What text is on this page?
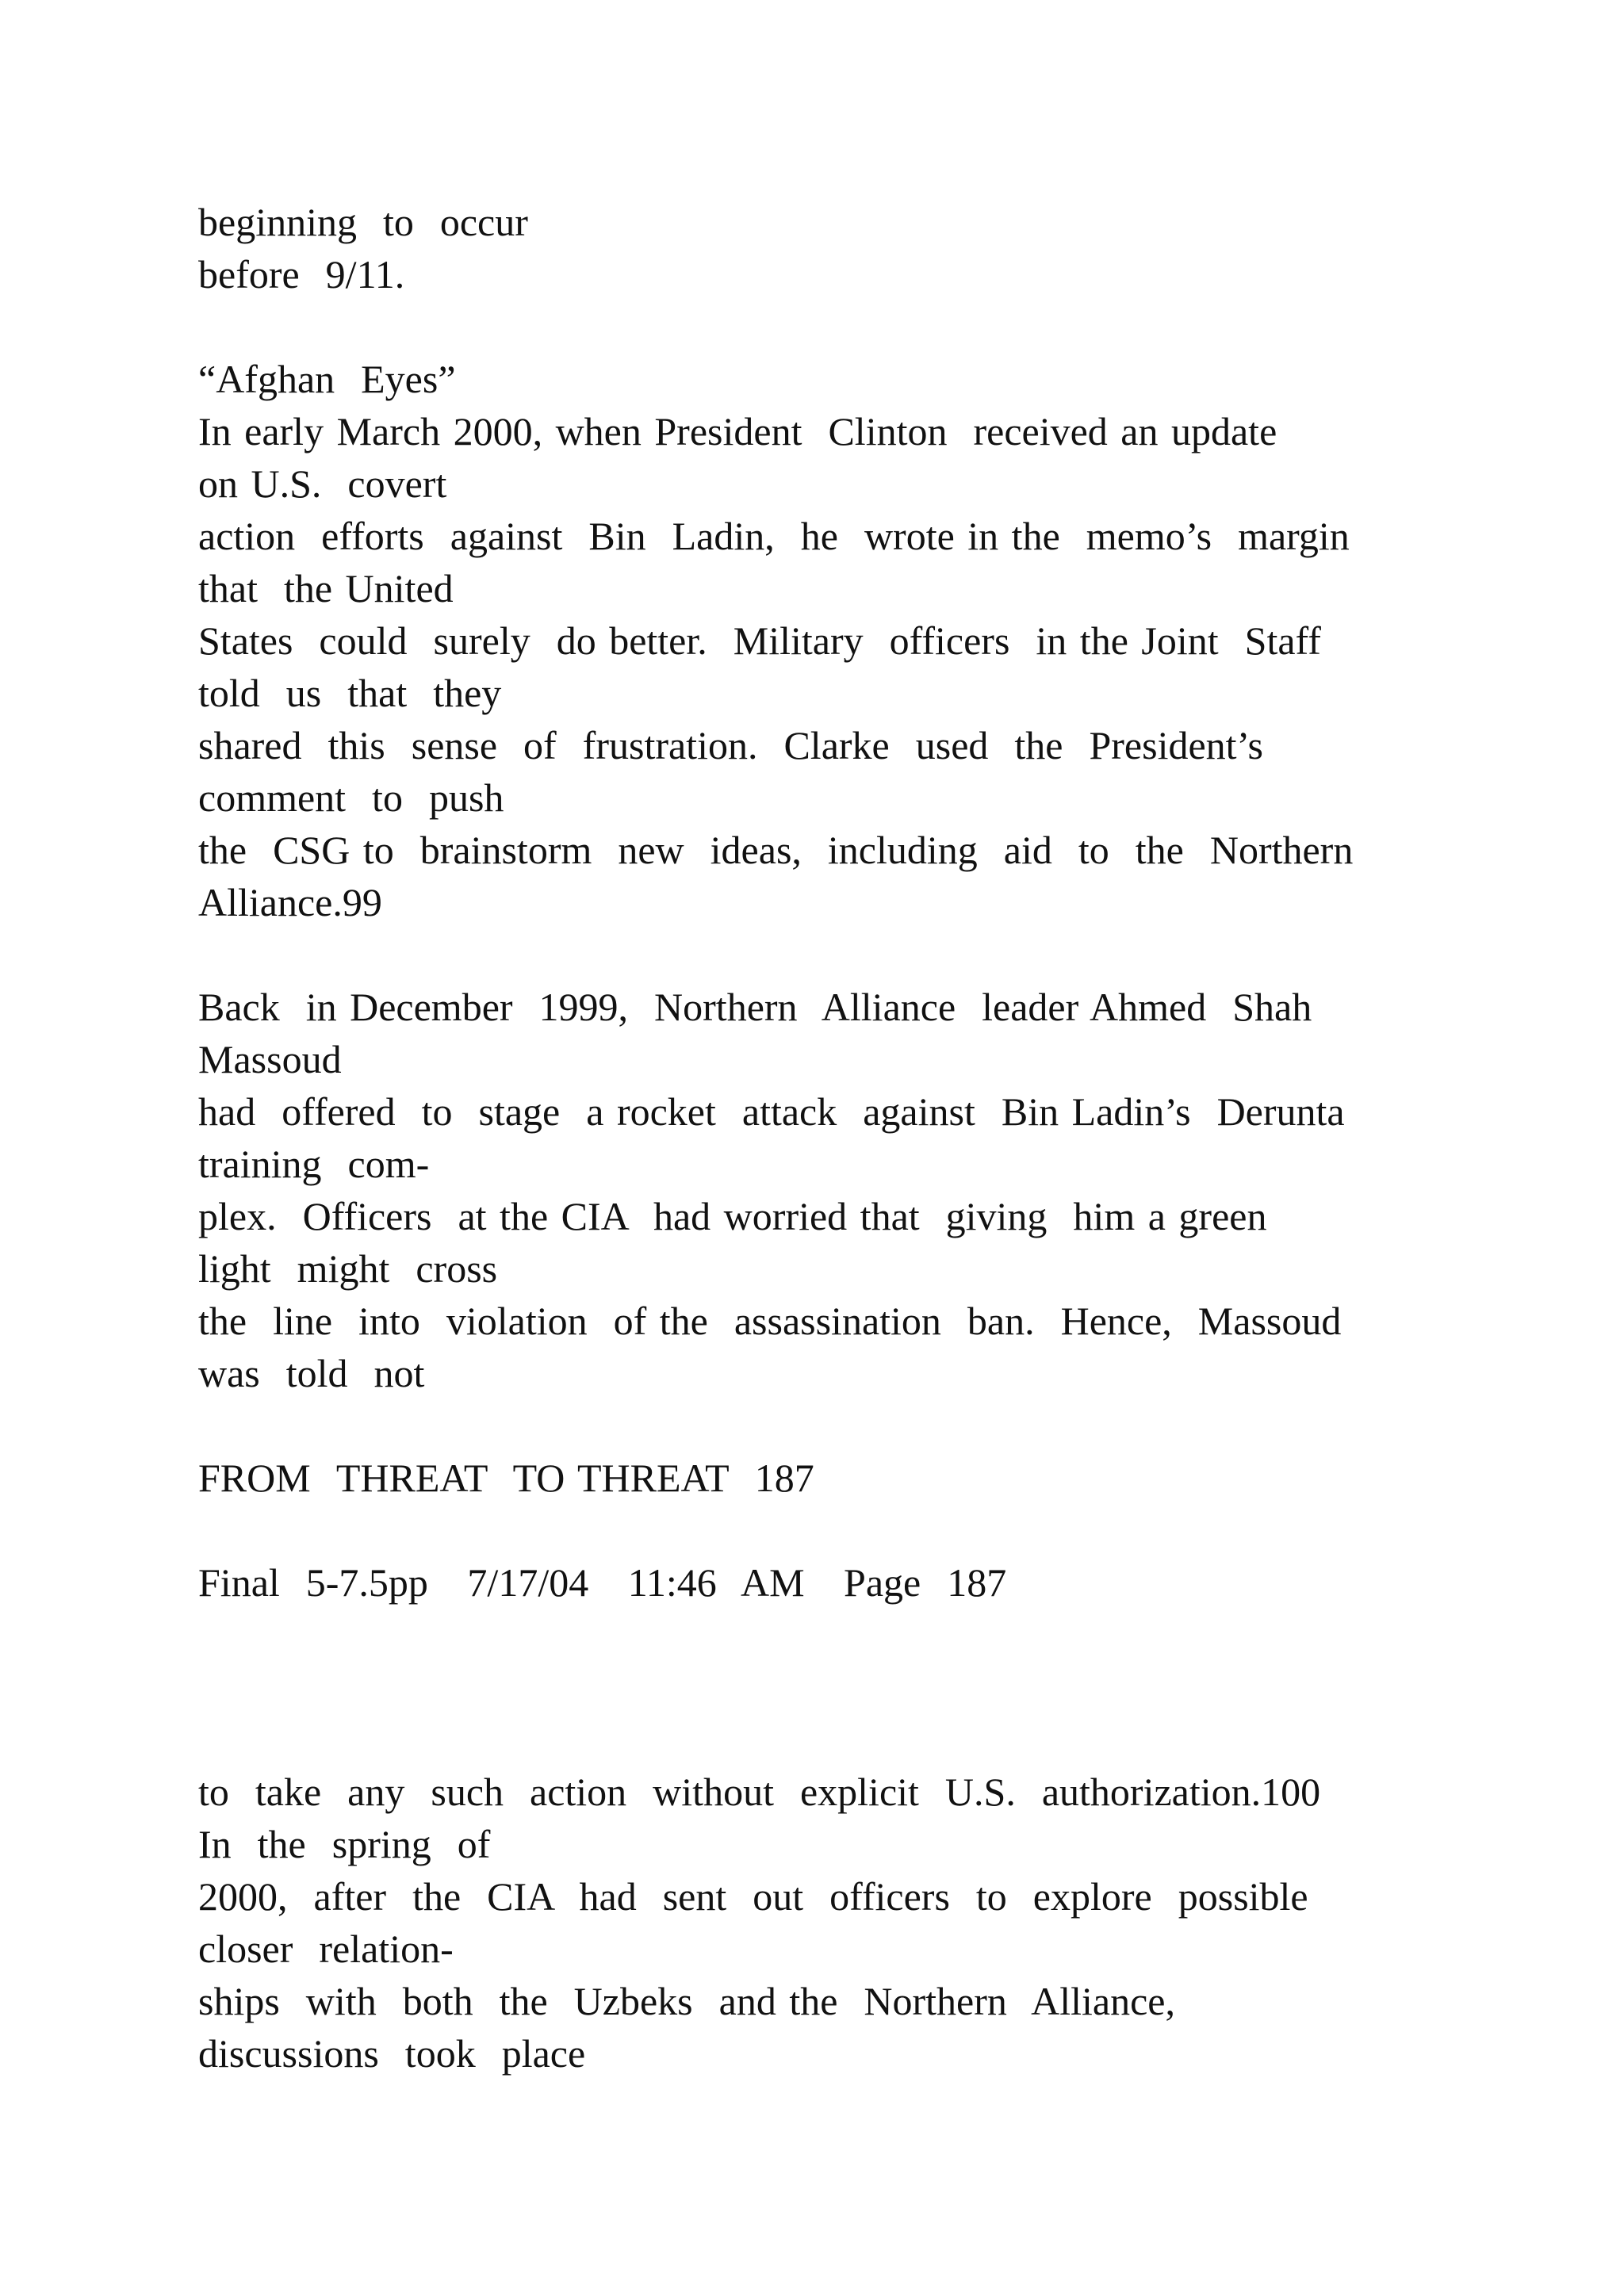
beginning  to  occur
before  9/11.
“Afghan  Eyes”
In early March 2000, when President  Clinton  received an update
on U.S.  covert
action  efforts  against  Bin  Ladin,  he  wrote in the  memo’s  margin
that  the United
States  could  surely  do better.  Military  officers  in the Joint  Staff
told  us  that  they
shared  this  sense  of  frustration.  Clarke  used  the  President’s
comment  to  push
the  CSG to  brainstorm  new  ideas,  including  aid  to  the  Northern
Alliance.99
Back  in December  1999,  Northern  Alliance  leader Ahmed  Shah
Massoud
had  offered  to  stage  a rocket  attack  against  Bin Ladin’s  Derunta
training  com-
plex.  Officers  at the CIA  had worried that  giving  him a green
light  might  cross
the  line  into  violation  of the  assassination  ban.  Hence,  Massoud
was  told  not
FROM  THREAT  TO THREAT  187
Final  5-7.5pp   7/17/04   11:46  AM   Page  187
to  take  any  such  action  without  explicit  U.S.  authorization.100
In  the  spring  of
2000,  after  the  CIA  had  sent  out  officers  to  explore  possible
closer  relation-
ships  with  both  the  Uzbeks  and the  Northern  Alliance,
discussions  took  place
